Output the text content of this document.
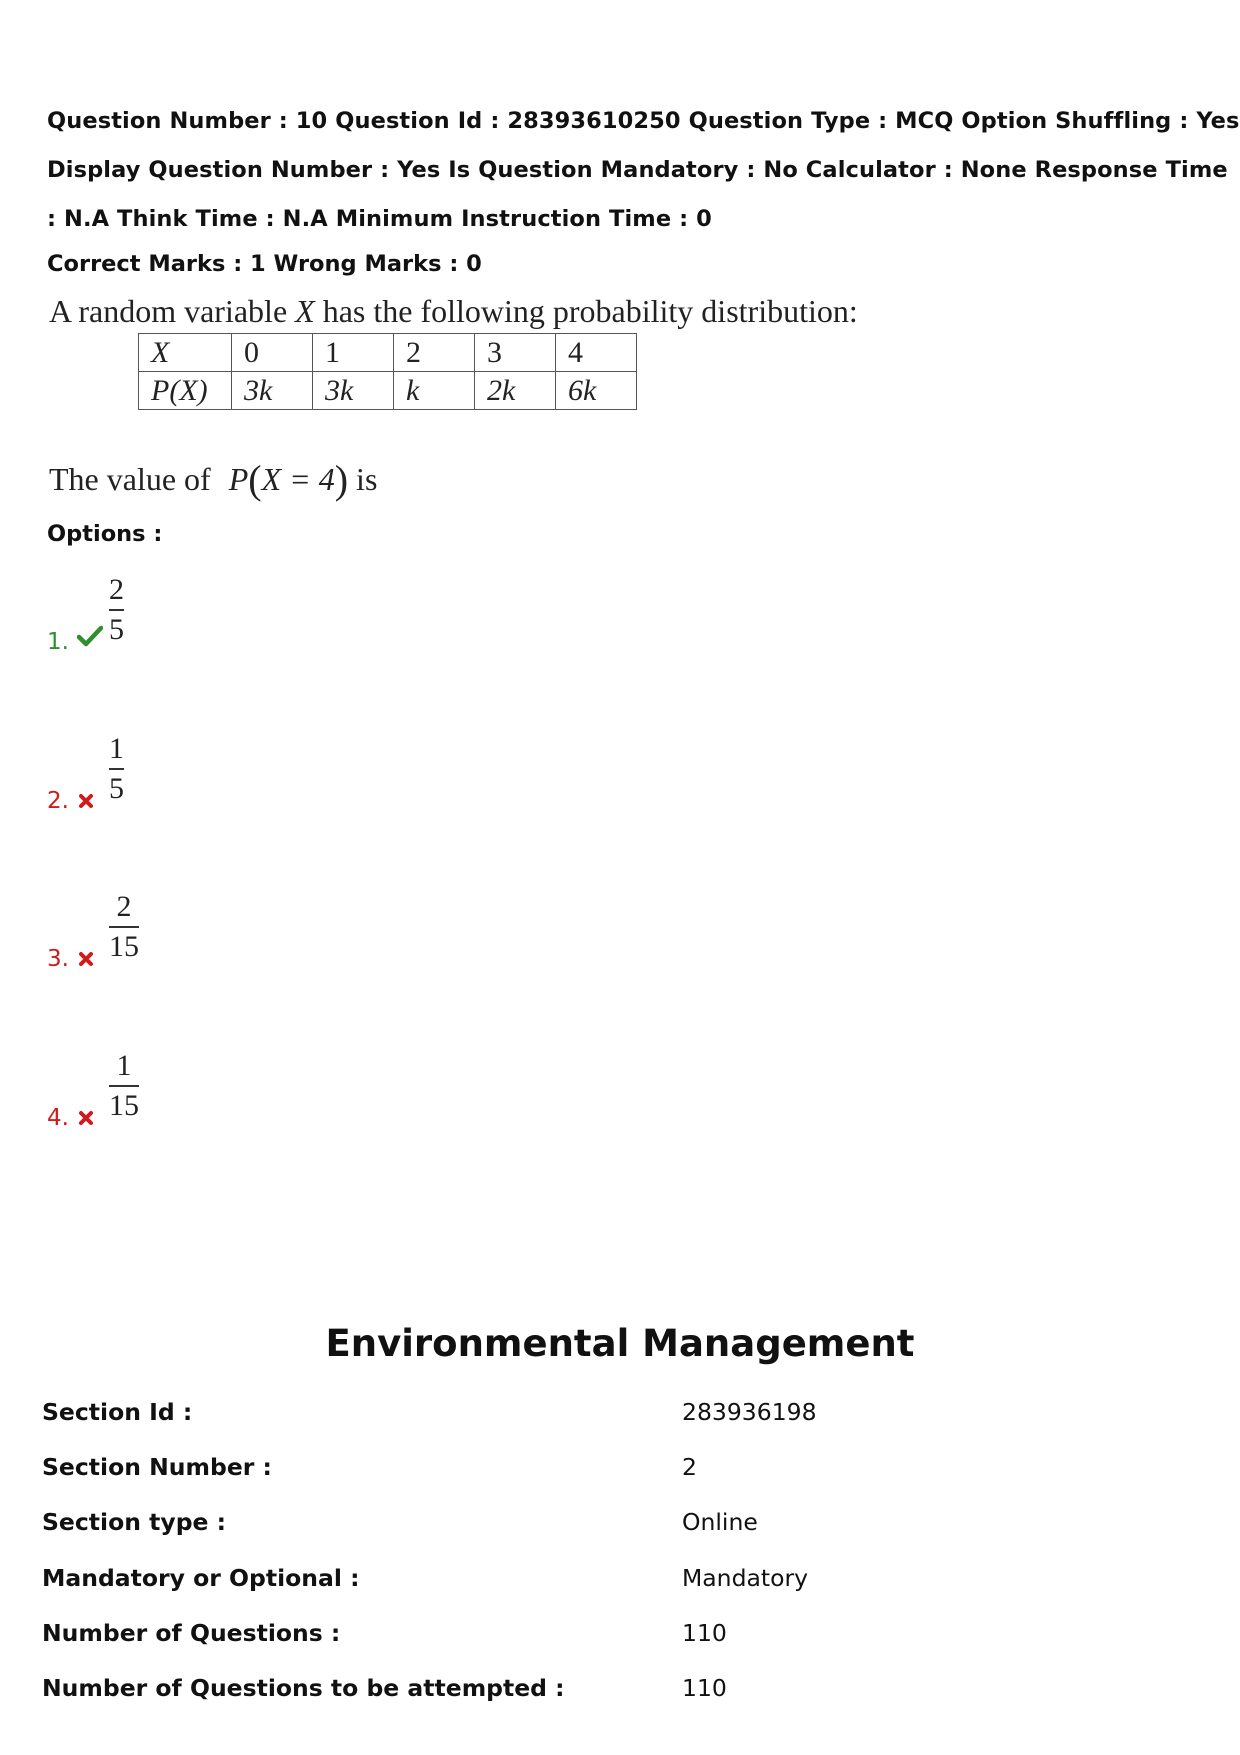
Question Number : 10 Question Id : 28393610250 Question Type : MCQ Option Shuffling : Yes
Display Question Number : Yes Is Question Mandatory : No Calculator : None Response Time
: N.A Think Time : N.A Minimum Instruction Time : 0
Correct Marks : 1 Wrong Marks : 0
A random variable X has the following probability distribution:
X	0	1	2	3	4
P(X)	3k	3k	k	2k	6k
The value of P(X = 4) is
Options :
1.
2
5
2.
1
5
3.
2
15
4.
1
15
Environmental Management
Section Id :	283936198
Section Number :	2
Section type :	Online
Mandatory or Optional :	Mandatory
Number of Questions :	110
Number of Questions to be attempted :	110
